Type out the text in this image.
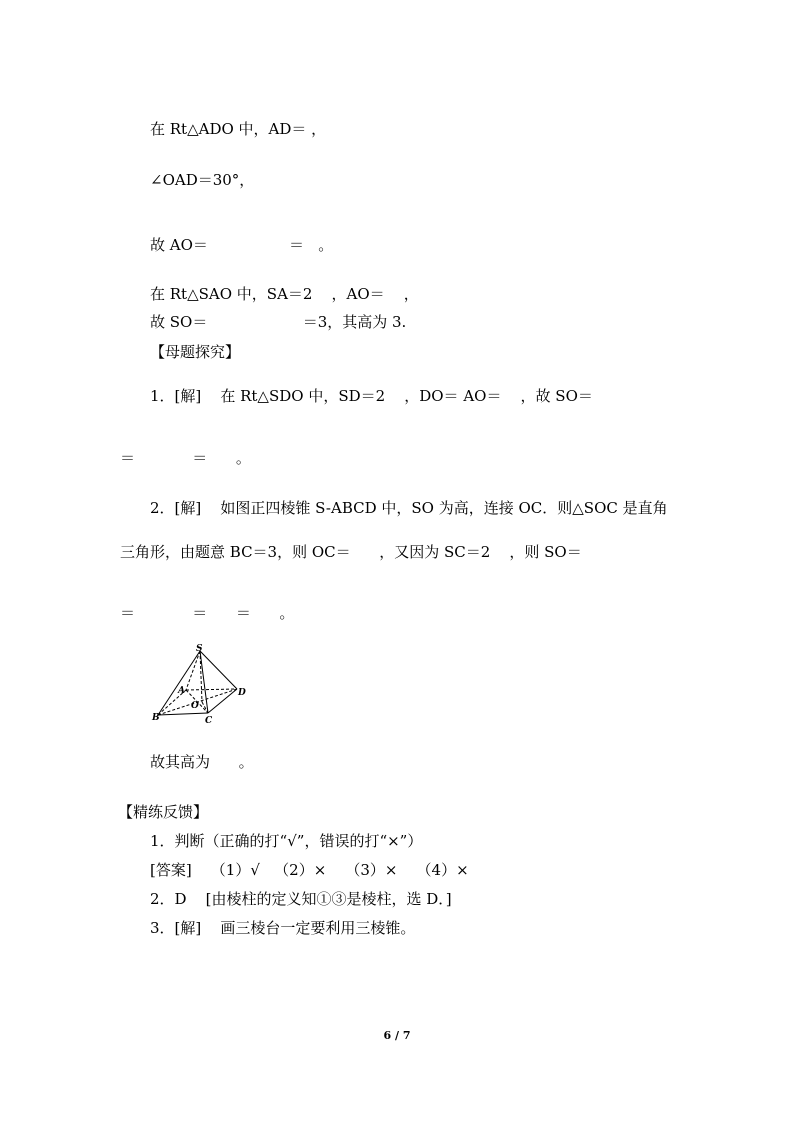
在 Rt△ADO 中，AD＝ ，
∠OAD＝30°，
故 AO＝                 ＝   。
在 Rt△SAO 中，SA＝2    ，AO＝    ，
故 SO＝                    ＝3，其高为 3.
【母题探究】
1．[解]    在 Rt△SDO 中，SD＝2    ，DO＝ AO＝    ，故 SO＝
＝            ＝      。
2．[解]    如图正四棱锥 S-ABCD 中，SO 为高，连接 OC．则△SOC 是直角
三角形，由题意 BC＝3，则 OC＝      ，又因为 SC＝2    ，则 SO＝
＝            ＝      ＝      。
S
A
B	C
D
O
故其高为      。
【精练反馈】
1．判断（正确的打“√”，错误的打“×”）
[答案]    （1）√   （2）×    （3）×    （4）×
2．D    [由棱柱的定义知①③是棱柱，选 D．]
3．[解]    画三棱台一定要利用三棱锥。
6 / 7
